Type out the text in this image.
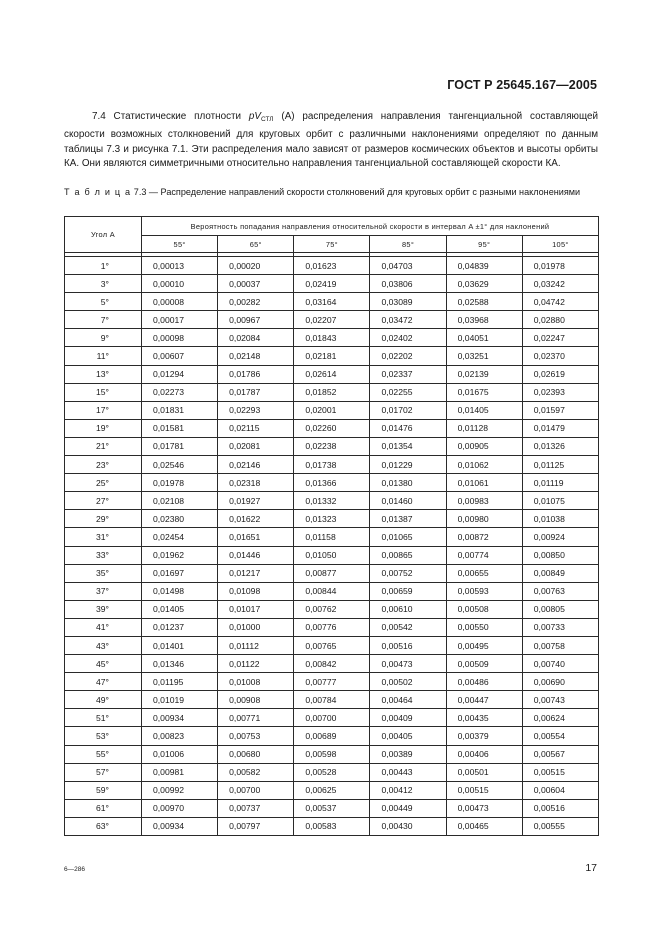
ГОСТ Р 25645.167—2005

7.4 Статистические плотности $pV_{СТЛ}$ (A) распределения направления тангенциальной составляющей скорости возможных столкновений для круговых орбит с различными наклонениями определяют по данным таблицы 7.3 и рисунка 7.1. Эти распределения мало зависят от размеров космических объектов и высоты орбиты КА. Они являются симметричными относительно направления тангенциальной составляющей скорости КА.

Т а б л и ц а 7.3 — Распределение направлений скорости столкновений для круговых орбит с разными наклонениями
Угол A	Вероятность попадания направления относительной скорости в интервал A ±1° для наклонений					
	55°	65°	75°	85°	95°	105°

1°	0,00013	0,00020	0,01623	0,04703	0,04839	0,01978
3°	0,00010	0,00037	0,02419	0,03806	0,03629	0,03242
5°	0,00008	0,00282	0,03164	0,03089	0,02588	0,04742
7°	0,00017	0,00967	0,02207	0,03472	0,03968	0,02880
9°	0,00098	0,02084	0,01843	0,02402	0,04051	0,02247
11°	0,00607	0,02148	0,02181	0,02202	0,03251	0,02370
13°	0,01294	0,01786	0,02614	0,02337	0,02139	0,02619
15°	0,02273	0,01787	0,01852	0,02255	0,01675	0,02393
17°	0,01831	0,02293	0,02001	0,01702	0,01405	0,01597
19°	0,01581	0,02115	0,02260	0,01476	0,01128	0,01479
21°	0,01781	0,02081	0,02238	0,01354	0,00905	0,01326
23°	0,02546	0,02146	0,01738	0,01229	0,01062	0,01125
25°	0,01978	0,02318	0,01366	0,01380	0,01061	0,01119
27°	0,02108	0,01927	0,01332	0,01460	0,00983	0,01075
29°	0,02380	0,01622	0,01323	0,01387	0,00980	0,01038
31°	0,02454	0,01651	0,01158	0,01065	0,00872	0,00924
33°	0,01962	0,01446	0,01050	0,00865	0,00774	0,00850
35°	0,01697	0,01217	0,00877	0,00752	0,00655	0,00849
37°	0,01498	0,01098	0,00844	0,00659	0,00593	0,00763
39°	0,01405	0,01017	0,00762	0,00610	0,00508	0,00805
41°	0,01237	0,01000	0,00776	0,00542	0,00550	0,00733
43°	0,01401	0,01112	0,00765	0,00516	0,00495	0,00758
45°	0,01346	0,01122	0,00842	0,00473	0,00509	0,00740
47°	0,01195	0,01008	0,00777	0,00502	0,00486	0,00690
49°	0,01019	0,00908	0,00784	0,00464	0,00447	0,00743
51°	0,00934	0,00771	0,00700	0,00409	0,00435	0,00624
53°	0,00823	0,00753	0,00689	0,00405	0,00379	0,00554
55°	0,01006	0,00680	0,00598	0,00389	0,00406	0,00567
57°	0,00981	0,00582	0,00528	0,00443	0,00501	0,00515
59°	0,00992	0,00700	0,00625	0,00412	0,00515	0,00604
61°	0,00970	0,00737	0,00537	0,00449	0,00473	0,00516
63°	0,00934	0,00797	0,00583	0,00430	0,00465	0,00555
6—286	17
